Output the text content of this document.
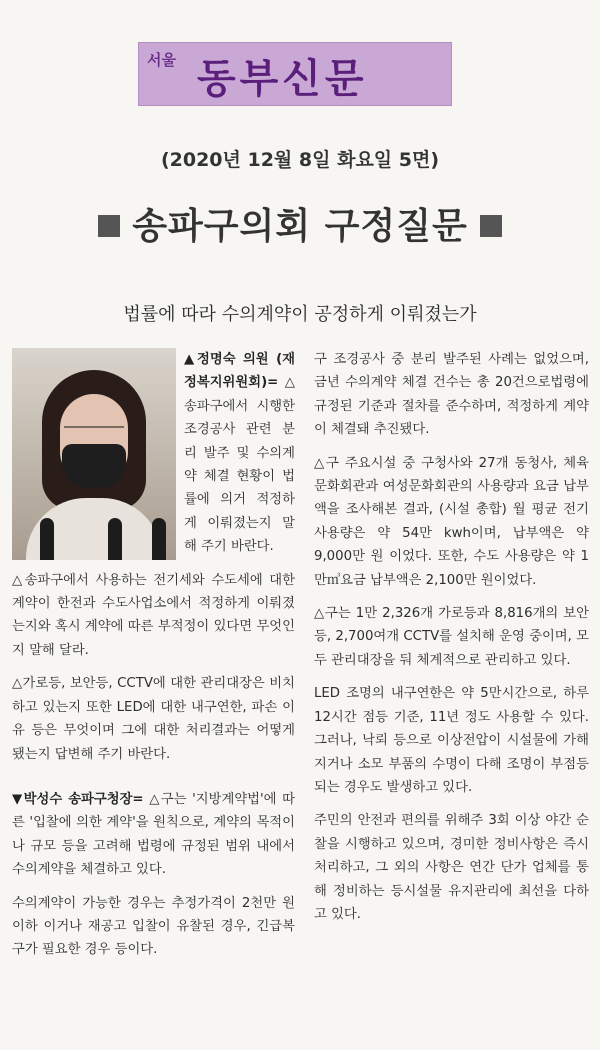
서울 동부신문
(2020년 12월 8일 화요일 5면)
송파구의회 구정질문
법률에 따라 수의계약이 공정하게 이뤄졌는가

▲정명숙 의원 (재정복지위원회)= △송파구에서 시행한 조경공사 관련 분리 발주 및 수의계약 체결 현황이 법률에 의거 적정하게 이뤄졌는지 말해 주기 바란다.

△송파구에서 사용하는 전기세와 수도세에 대한 계약이 한전과 수도사업소에서 적정하게 이뤄졌는지와 혹시 계약에 따른 부적정이 있다면 무엇인지 말해 달라.

△가로등, 보안등, CCTV에 대한 관리대장은 비치하고 있는지 또한 LED에 대한 내구연한, 파손 이유 등은 무엇이며 그에 대한 처리결과는 어떻게 됐는지 답변해 주기 바란다.

▼박성수 송파구청장= △구는 '지방계약법'에 따른 '입찰에 의한 계약'을 원칙으로, 계약의 목적이나 규모 등을 고려해 법령에 규정된 범위 내에서 수의계약을 체결하고 있다.

수의계약이 가능한 경우는 추정가격이 2천만 원 이하 이거나 재공고 입찰이 유찰된 경우, 긴급복구가 필요한 경우 등이다.

구 조경공사 중 분리 발주된 사례는 없었으며, 금년 수의계약 체결 건수는 총 20건으로법령에 규정된 기준과 절차를 준수하며, 적정하게 계약이 체결돼 추진됐다.

△구 주요시설 중 구청사와 27개 동청사, 체육문화회관과 여성문화회관의 사용량과 요금 납부액을 조사해본 결과, (시설 총합) 월 평균 전기사용량은 약 54만 kwh이며, 납부액은 약 9,000만 원 이었다. 또한, 수도 사용량은 약 1만㎥요금 납부액은 2,100만 원이었다.

△구는 1만 2,326개 가로등과 8,816개의 보안등, 2,700여개 CCTV를 설치해 운영 중이며, 모두 관리대장을 둬 체계적으로 관리하고 있다.

LED 조명의 내구연한은 약 5만시간으로, 하루 12시간 점등 기준, 11년 정도 사용할 수 있다. 그러나, 낙뢰 등으로 이상전압이 시설물에 가해지거나 소모 부품의 수명이 다해 조명이 부점등 되는 경우도 발생하고 있다.

주민의 안전과 편의를 위해주 3회 이상 야간 순찰을 시행하고 있으며, 경미한 정비사항은 즉시 처리하고, 그 외의 사항은 연간 단가 업체를 통해 정비하는 등시설물 유지관리에 최선을 다하고 있다.
